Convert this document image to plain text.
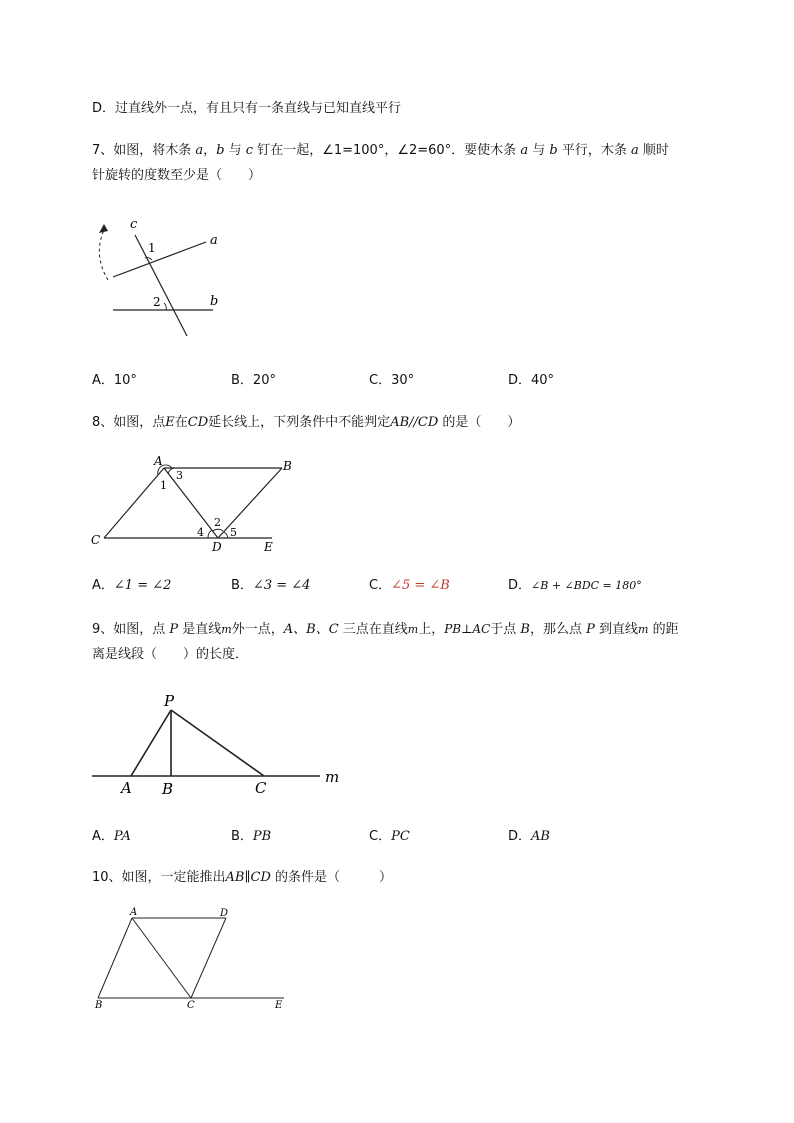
D．过直线外一点，有且只有一条直线与已知直线平行
7、如图，将木条 a，b 与 c 钉在一起，∠1=100°，∠2=60°．要使木条 a 与 b 平行，木条 a 顺时
针旋转的度数至少是（　　）
c
a
b
1
2
A．10°	B．20°	C．30°	D．40°
8、如图，点E在CD延长线上，下列条件中不能判定AB//CD 的是（　　）
A	B
C	D	E
1
2
3
4 5
A．∠1 = ∠2	B．∠3 = ∠4	C．∠5 = ∠B	D．∠B + ∠BDC = 180°
9、如图，点 P 是直线m外一点，A、B、C 三点在直线m上，PB⊥AC于点 B，那么点 P 到直线m 的距
离是线段（　　）的长度．
P
A B	C
m
A．PA	B．PB	C．PC	D．AB
10、如图，一定能推出AB∥CD 的条件是（　　　）
A	D
B	C	E
